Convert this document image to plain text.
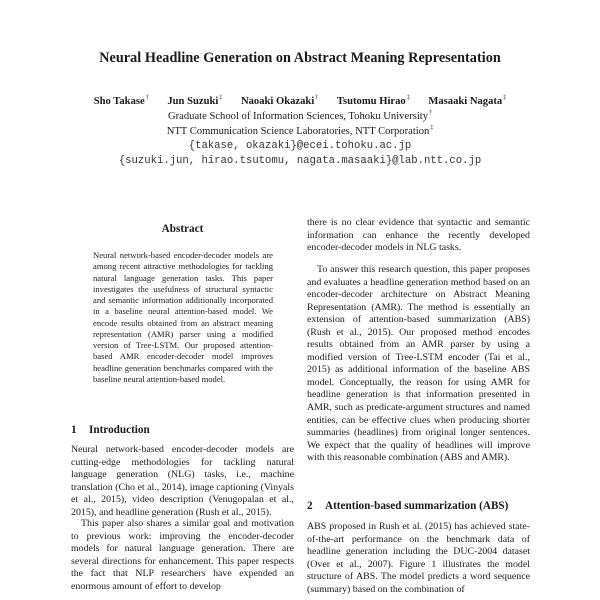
Neural Headline Generation on Abstract Meaning Representation
Sho Takase† Jun Suzuki‡ Naoaki Okazaki† Tsutomu Hirao‡ Masaaki Nagata‡
Graduate School of Information Sciences, Tohoku University†
NTT Communication Science Laboratories, NTT Corporation‡
{takase, okazaki}@ecei.tohoku.ac.jp
{suzuki.jun, hirao.tsutomu, nagata.masaaki}@lab.ntt.co.jp
Abstract
Neural network-based encoder-decoder models are among recent attractive methodologies for tackling natural language generation tasks. This paper investigates the usefulness of structural syntactic and semantic information additionally incorporated in a baseline neural attention-based model. We encode results obtained from an abstract meaning representation (AMR) parser using a modified version of Tree-LSTM. Our proposed attention-based AMR encoder-decoder model improves headline generation benchmarks compared with the baseline neural attention-based model.
1 Introduction
Neural network-based encoder-decoder models are cutting-edge methodologies for tackling natural language generation (NLG) tasks, i.e., machine translation (Cho et al., 2014), image captioning (Vinyals et al., 2015), video description (Venugopalan et al., 2015), and headline generation (Rush et al., 2015).
This paper also shares a similar goal and motivation to previous work: improving the encoder-decoder models for natural language generation. There are several directions for enhancement. This paper respects the fact that NLP researchers have expended an enormous amount of effort to develop
there is no clear evidence that syntactic and semantic information can enhance the recently developed encoder-decoder models in NLG tasks.
To answer this research question, this paper proposes and evaluates a headline generation method based on an encoder-decoder architecture on Abstract Meaning Representation (AMR). The method is essentially an extension of attention-based summarization (ABS) (Rush et al., 2015). Our proposed method encodes results obtained from an AMR parser by using a modified version of Tree-LSTM encoder (Tai et al., 2015) as additional information of the baseline ABS model. Conceptually, the reason for using AMR for headline generation is that information presented in AMR, such as predicate-argument structures and named entities, can be effective clues when producing shorter summaries (headlines) from original longer sentences. We expect that the quality of headlines will improve with this reasonable combination (ABS and AMR).
2 Attention-based summarization (ABS)
ABS proposed in Rush et al. (2015) has achieved state-of-the-art performance on the benchmark data of headline generation including the DUC-2004 dataset (Over et al., 2007). Figure 1 illustrates the model structure of ABS. The model predicts a word sequence (summary) based on the combination of
